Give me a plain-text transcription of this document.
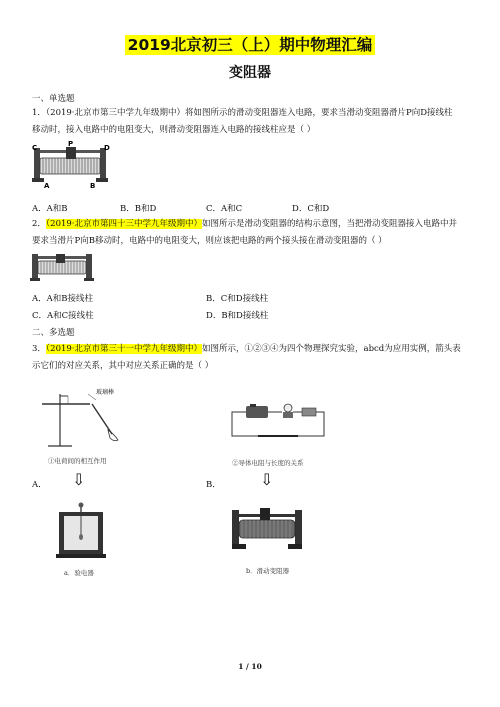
2019北京初三（上）期中物理汇编
变阻器
一、单选题
1．（2019·北京市第三中学九年级期中）将如图所示的滑动变阻器连入电路，要求当滑动变阻器滑片P向D接线柱
移动时，接入电路中的电阻变大，则滑动变阻器连入电路的接线柱应是（ ）
C	P	D
A	B
A．A和B	B．B和D	C．A和C	D．C和D
2．（2019·北京市第四十三中学九年级期中）如图所示是滑动变阻器的结构示意图，当把滑动变阻器接入电路中并
要求当滑片P向B移动时，电路中的电阻变大，则应该把电路的两个接头接在滑动变阻器的（ ）
A．A和B接线柱	B．C和D接线柱
C．A和C接线柱	D．B和D接线柱
二、多选题
3．（2019·北京市第三十一中学九年级期中）如图所示，①②③④为四个物理探究实验，abcd为应用实例，箭头表
示它们的对应关系，其中对应关系正确的是（ ）
玻璃棒
①电荷间的相互作用	②导体电阻与长度的关系
A． ⇩	B． ⇩
a．验电器	b．滑动变阻器
1 / 10
